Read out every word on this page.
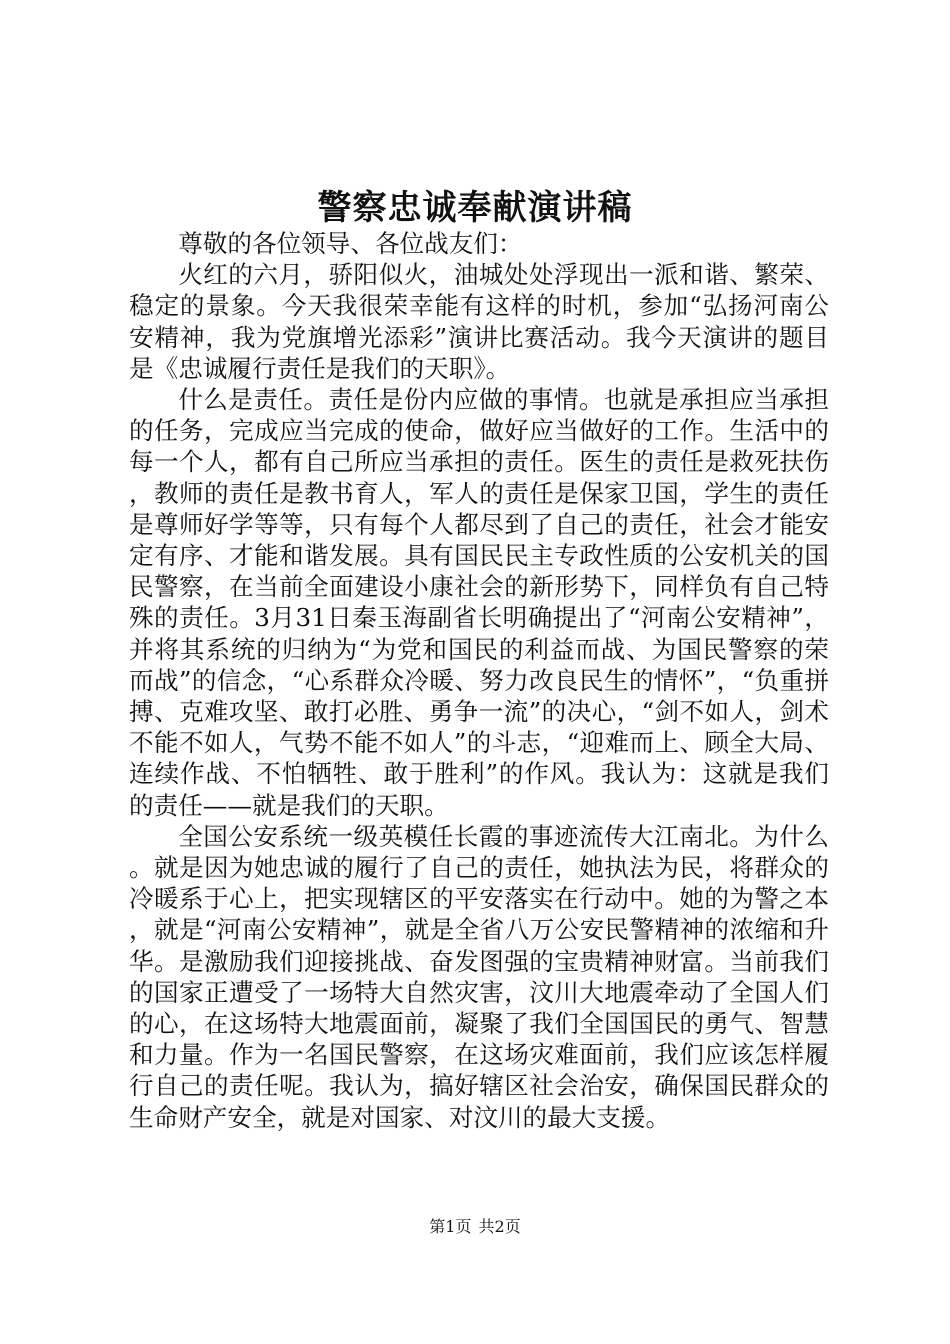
警察忠诚奉献演讲稿

尊敬的各位领导、各位战友们：

火红的六月，骄阳似火，油城处处浮现出一派和谐、繁荣、稳定的景象。今天我很荣幸能有这样的时机，参加“弘扬河南公安精神，我为党旗增光添彩”演讲比赛活动。我今天演讲的题目是《忠诚履行责任是我们的天职》。

什么是责任。责任是份内应做的事情。也就是承担应当承担的任务，完成应当完成的使命，做好应当做好的工作。生活中的每一个人，都有自己所应当承担的责任。医生的责任是救死扶伤，教师的责任是教书育人，军人的责任是保家卫国，学生的责任是尊师好学等等，只有每个人都尽到了自己的责任，社会才能安定有序、才能和谐发展。具有国民民主专政性质的公安机关的国民警察，在当前全面建设小康社会的新形势下，同样负有自己特殊的责任。3月31日秦玉海副省长明确提出了“河南公安精神”，并将其系统的归纳为“为党和国民的利益而战、为国民警察的荣而战”的信念，“心系群众冷暖、努力改良民生的情怀”，“负重拼搏、克难攻坚、敢打必胜、勇争一流”的决心，“剑不如人，剑术不能不如人，气势不能不如人”的斗志，“迎难而上、顾全大局、连续作战、不怕牺牲、敢于胜利”的作风。我认为：这就是我们的责任——就是我们的天职。

全国公安系统一级英模任长霞的事迹流传大江南北。为什么。就是因为她忠诚的履行了自己的责任，她执法为民，将群众的冷暖系于心上，把实现辖区的平安落实在行动中。她的为警之本，就是“河南公安精神”，就是全省八万公安民警精神的浓缩和升华。是激励我们迎接挑战、奋发图强的宝贵精神财富。当前我们的国家正遭受了一场特大自然灾害，汶川大地震牵动了全国人们的心，在这场特大地震面前，凝聚了我们全国国民的勇气、智慧和力量。作为一名国民警察，在这场灾难面前，我们应该怎样履行自己的责任呢。我认为，搞好辖区社会治安，确保国民群众的生命财产安全，就是对国家、对汶川的最大支援。

第1页 共2页
